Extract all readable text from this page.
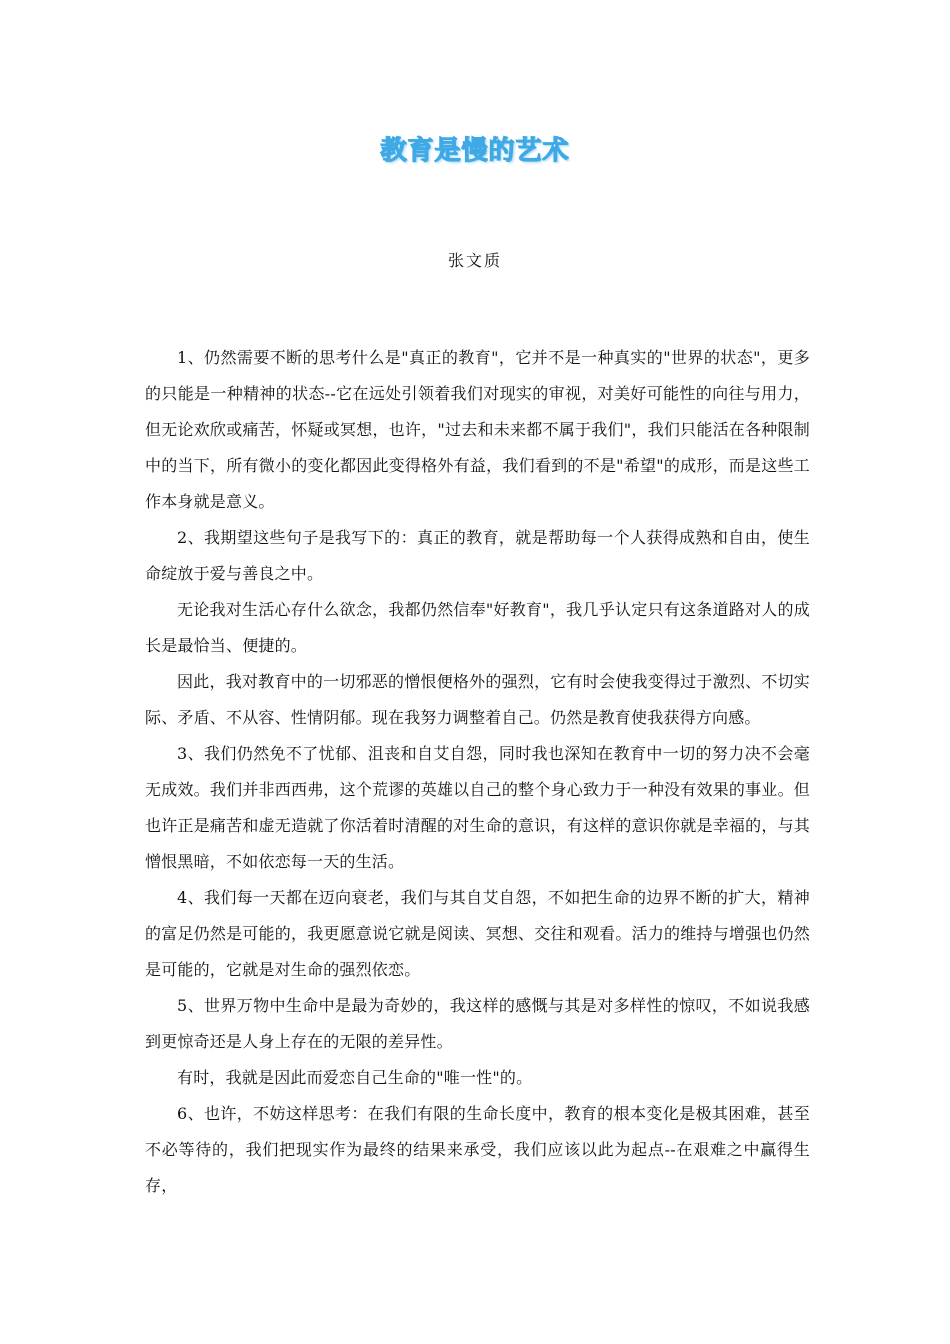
教育是慢的艺术
张文质

1、仍然需要不断的思考什么是"真正的教育"，它并不是一种真实的"世界的状态"，更多的只能是一种精神的状态--它在远处引领着我们对现实的审视，对美好可能性的向往与用力，但无论欢欣或痛苦，怀疑或冥想，也许，"过去和未来都不属于我们"，我们只能活在各种限制中的当下，所有微小的变化都因此变得格外有益，我们看到的不是"希望"的成形，而是这些工作本身就是意义。

2、我期望这些句子是我写下的：真正的教育，就是帮助每一个人获得成熟和自由，使生命绽放于爱与善良之中。

无论我对生活心存什么欲念，我都仍然信奉"好教育"，我几乎认定只有这条道路对人的成长是最恰当、便捷的。

因此，我对教育中的一切邪恶的憎恨便格外的强烈，它有时会使我变得过于激烈、不切实际、矛盾、不从容、性情阴郁。现在我努力调整着自己。仍然是教育使我获得方向感。

3、我们仍然免不了忧郁、沮丧和自艾自怨，同时我也深知在教育中一切的努力决不会毫无成效。我们并非西西弗，这个荒谬的英雄以自己的整个身心致力于一种没有效果的事业。但也许正是痛苦和虚无造就了你活着时清醒的对生命的意识，有这样的意识你就是幸福的，与其憎恨黑暗，不如依恋每一天的生活。

4、我们每一天都在迈向衰老，我们与其自艾自怨，不如把生命的边界不断的扩大，精神的富足仍然是可能的，我更愿意说它就是阅读、冥想、交往和观看。活力的维持与增强也仍然是可能的，它就是对生命的强烈依恋。

5、世界万物中生命中是最为奇妙的，我这样的感慨与其是对多样性的惊叹，不如说我感到更惊奇还是人身上存在的无限的差异性。

有时，我就是因此而爱恋自己生命的"唯一性"的。

6、也许，不妨这样思考：在我们有限的生命长度中，教育的根本变化是极其困难，甚至不必等待的，我们把现实作为最终的结果来承受，我们应该以此为起点--在艰难之中赢得生存，
